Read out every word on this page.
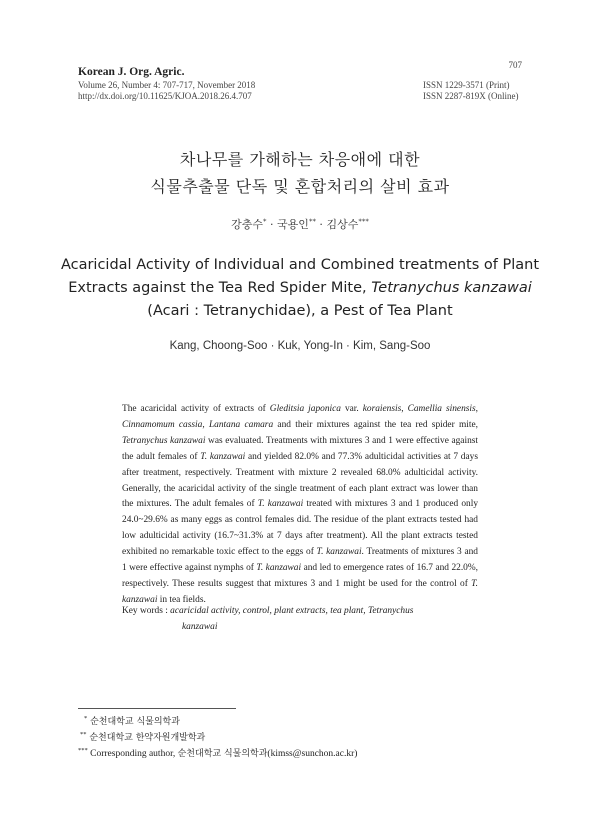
Korean J. Org. Agric.
Volume 26, Number 4: 707-717, November 2018
http://dx.doi.org/10.11625/KJOA.2018.26.4.707
707
ISSN 1229-3571 (Print)
ISSN 2287-819X (Online)
차나무를 가해하는 차응애에 대한
식물추출물 단독 및 혼합처리의 살비 효과
강충수* · 국용인** · 김상수***
Acaricidal Activity of Individual and Combined treatments of Plant
Extracts against the Tea Red Spider Mite, Tetranychus kanzawai
(Acari : Tetranychidae), a Pest of Tea Plant
Kang, Choong-Soo · Kuk, Yong-In · Kim, Sang-Soo
The acaricidal activity of extracts of Gleditsia japonica var. koraiensis, Camellia sinensis, Cinnamomum cassia, Lantana camara and their mixtures against the tea red spider mite, Tetranychus kanzawai was evaluated. Treatments with mixtures 3 and 1 were effective against the adult females of T. kanzawai and yielded 82.0% and 77.3% adulticidal activities at 7 days after treatment, respectively. Treatment with mixture 2 revealed 68.0% adulticidal activity. Generally, the acaricidal activity of the single treatment of each plant extract was lower than the mixtures. The adult females of T. kanzawai treated with mixtures 3 and 1 produced only 24.0~29.6% as many eggs as control females did. The residue of the plant extracts tested had low adulticidal activity (16.7~31.3% at 7 days after treatment). All the plant extracts tested exhibited no remarkable toxic effect to the eggs of T. kanzawai. Treatments of mixtures 3 and 1 were effective against nymphs of T. kanzawai and led to emergence rates of 16.7 and 22.0%, respectively. These results suggest that mixtures 3 and 1 might be used for the control of T. kanzawai in tea fields.
Key words : acaricidal activity, control, plant extracts, tea plant, Tetranychus
kanzawai
* 순천대학교 식물의학과
** 순천대학교 한약자원개발학과
*** Corresponding author, 순천대학교 식물의학과(kimss@sunchon.ac.kr)
